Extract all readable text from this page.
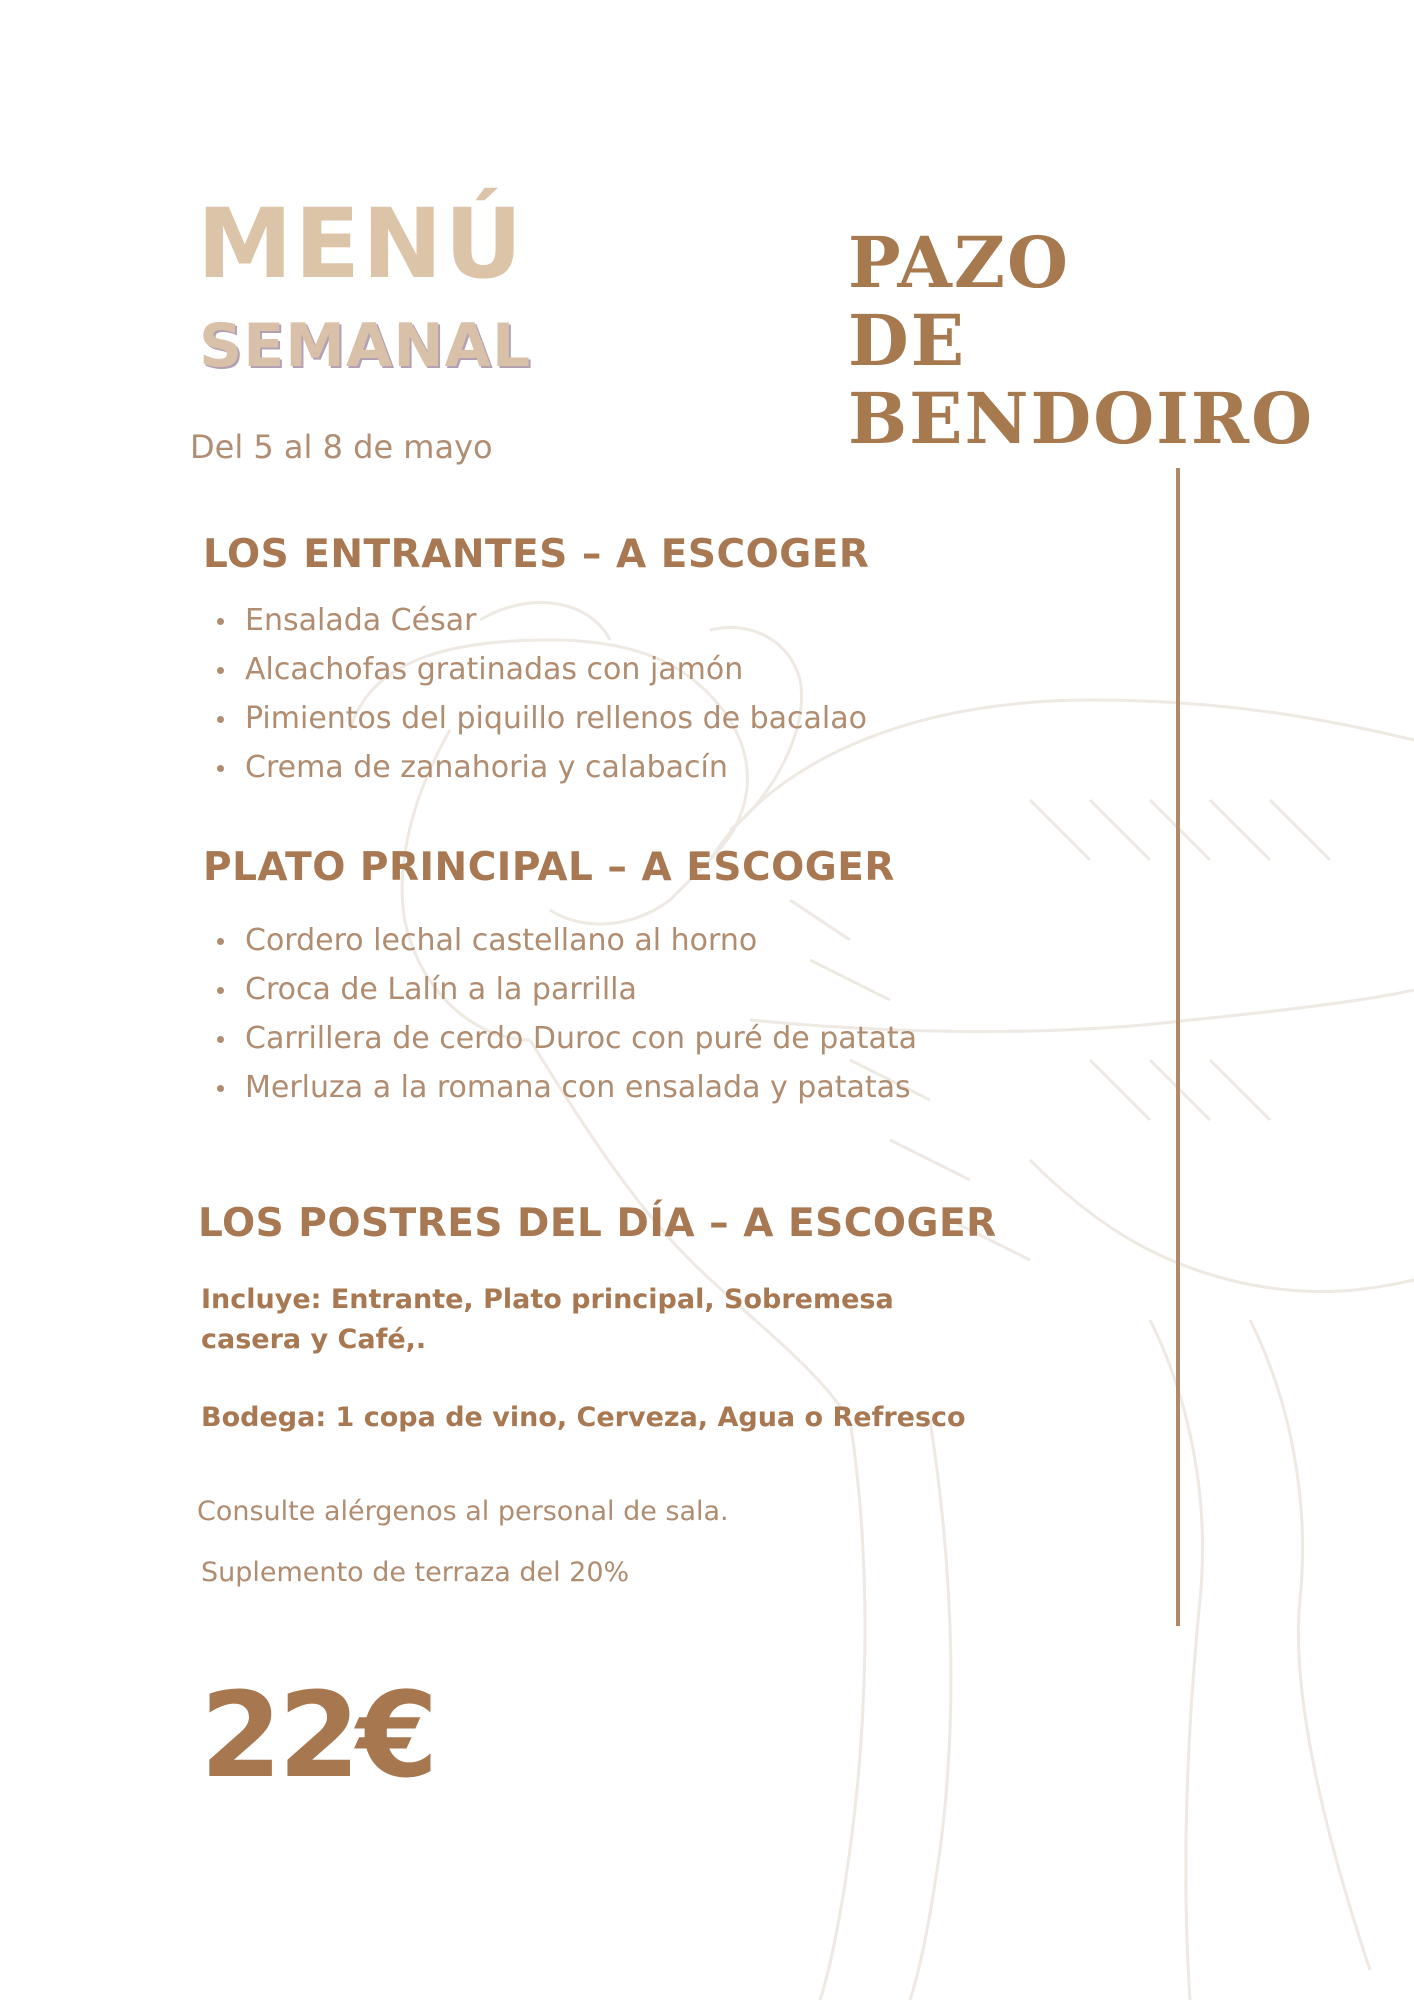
MENÚ
SEMANAL
PAZO DE
BENDOIRO
Del 5 al 8 de mayo
LOS ENTRANTES – A ESCOGER
Ensalada César
Alcachofas gratinadas con jamón
Pimientos del piquillo rellenos de bacalao
Crema de zanahoria y calabacín
PLATO PRINCIPAL – A ESCOGER
Cordero lechal castellano al horno
Croca de Lalín a la parrilla
Carrillera de cerdo Duroc con puré de patata
Merluza a la romana con ensalada y patatas
LOS POSTRES DEL DÍA – A ESCOGER

Incluye: Entrante, Plato principal, Sobremesa
casera y Café,.

Bodega: 1 copa de vino, Cerveza, Agua o Refresco

Consulte alérgenos al personal de sala.

Suplemento de terraza del 20%

22€
